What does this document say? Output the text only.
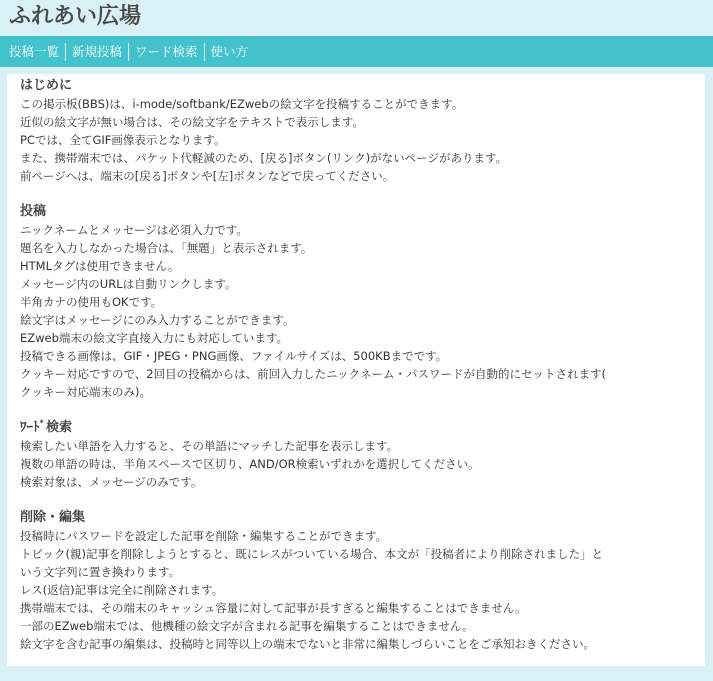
ふれあい広場
投稿一覧	新規投稿	ワード検索	使い方
はじめに

この掲示板(BBS)は、i-mode/softbank/EZwebの絵文字を投稿することができます。

近似の絵文字が無い場合は、その絵文字をテキストで表示します。

PCでは、全てGIF画像表示となります。

また、携帯端末では、パケット代軽減のため、[戻る]ボタン(リンク)がないページがあります。

前ページへは、端末の[戻る]ボタンや[左]ボタンなどで戻ってください。

投稿

ニックネームとメッセージは必須入力です。

題名を入力しなかった場合は、「無題」と表示されます。

HTMLタグは使用できません。

メッセージ内のURLは自動リンクします。

半角カナの使用もOKです。

絵文字はメッセージにのみ入力することができます。

EZweb端末の絵文字直接入力にも対応しています。

投稿できる画像は、GIF・JPEG・PNG画像、ファイルサイズは、500KBまでです。

クッキー対応ですので、2回目の投稿からは、前回入力したニックネーム・パスワードが自動的にセットされます(

クッキー対応端末のみ)。

ﾜｰﾄﾞ検索

検索したい単語を入力すると、その単語にマッチした記事を表示します。

複数の単語の時は、半角スペースで区切り、AND/OR検索いずれかを選択してください。

検索対象は、メッセージのみです。

削除・編集

投稿時にパスワードを設定した記事を削除・編集することができます。

トピック(親)記事を削除しようとすると、既にレスがついている場合、本文が「投稿者により削除されました」と

いう文字列に置き換わります。

レス(返信)記事は完全に削除されます。

携帯端末では、その端末のキャッシュ容量に対して記事が長すぎると編集することはできません。

一部のEZweb端末では、他機種の絵文字が含まれる記事を編集することはできません。

絵文字を含む記事の編集は、投稿時と同等以上の端末でないと非常に編集しづらいことをご承知おきください。
